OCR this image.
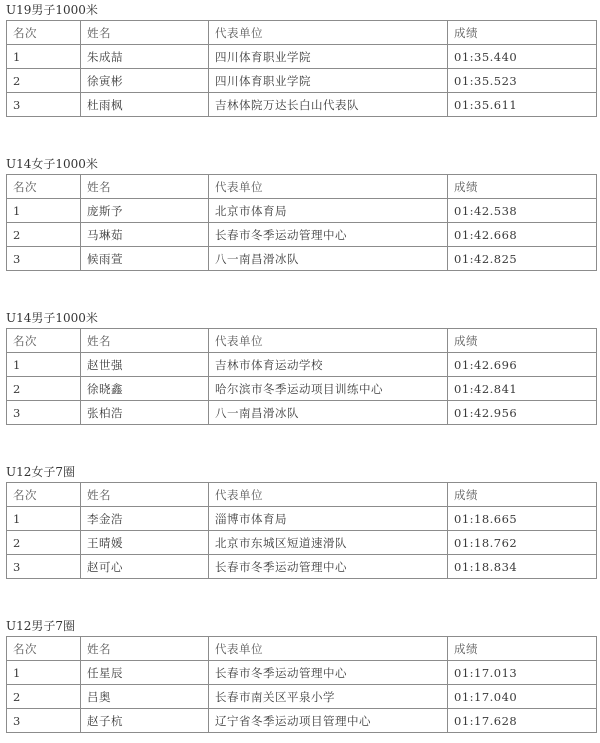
U19男子1000米
名次	姓名	代表单位	成绩
1	朱成喆	四川体育职业学院	01:35.440
2	徐寅彬	四川体育职业学院	01:35.523
3	杜雨枫	吉林体院万达长白山代表队	01:35.611
U14女子1000米
名次	姓名	代表单位	成绩
1	庞斯予	北京市体育局	01:42.538
2	马琳茹	长春市冬季运动管理中心	01:42.668
3	候雨萱	八一南昌滑冰队	01:42.825
U14男子1000米
名次	姓名	代表单位	成绩
1	赵世强	吉林市体育运动学校	01:42.696
2	徐晓鑫	哈尔滨市冬季运动项目训练中心	01:42.841
3	张柏浩	八一南昌滑冰队	01:42.956
U12女子7圈
名次	姓名	代表单位	成绩
1	李金浩	淄博市体育局	01:18.665
2	王晴媛	北京市东城区短道速滑队	01:18.762
3	赵可心	长春市冬季运动管理中心	01:18.834
U12男子7圈
名次	姓名	代表单位	成绩
1	任星辰	长春市冬季运动管理中心	01:17.013
2	吕奥	长春市南关区平泉小学	01:17.040
3	赵子杭	辽宁省冬季运动项目管理中心	01:17.628
